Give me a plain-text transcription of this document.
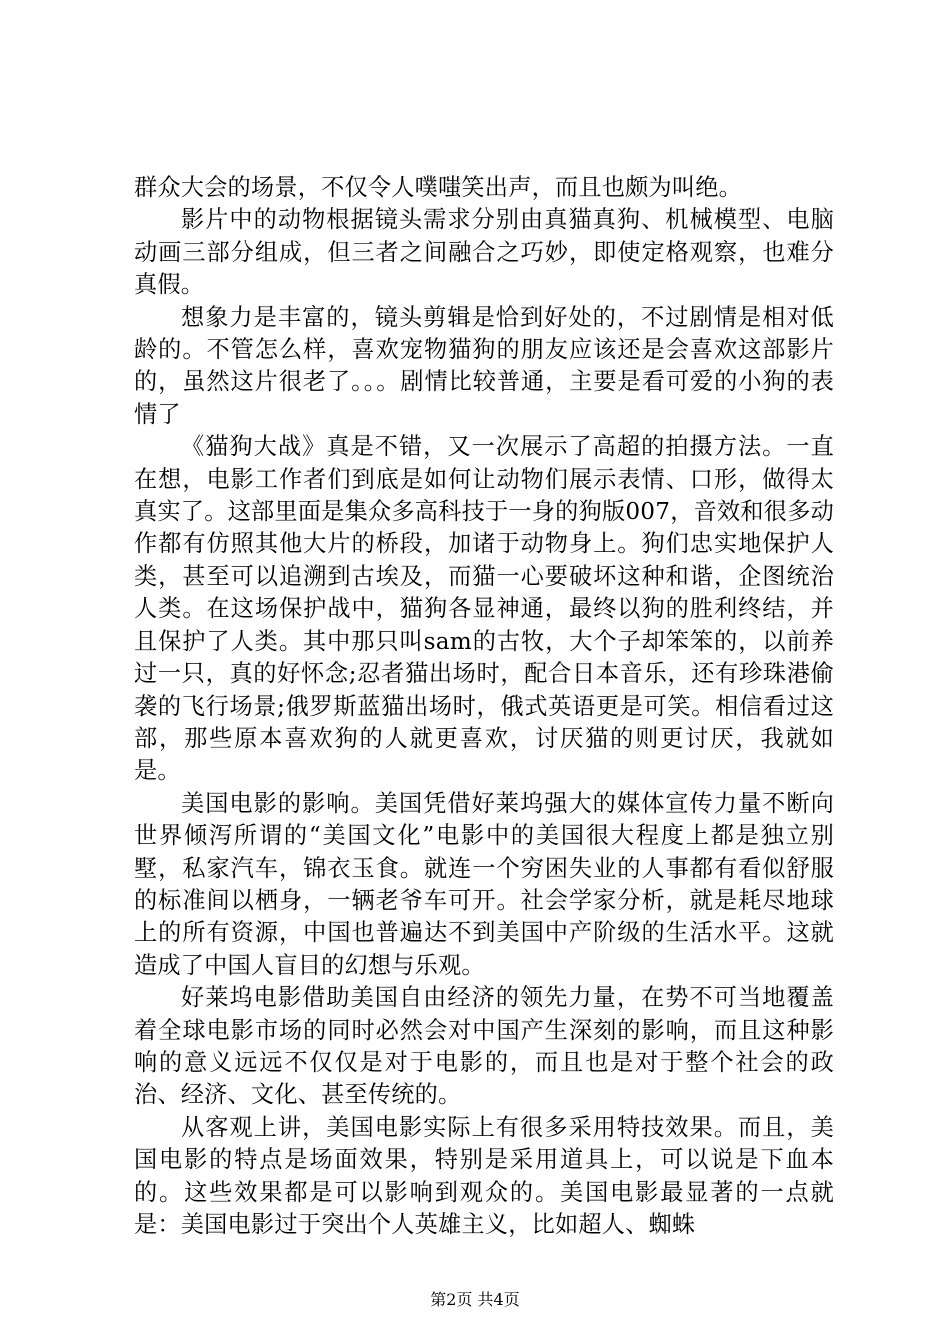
群众大会的场景，不仅令人噗嗤笑出声，而且也颇为叫绝。

影片中的动物根据镜头需求分别由真猫真狗、机械模型、电脑动画三部分组成，但三者之间融合之巧妙，即使定格观察，也难分真假。

想象力是丰富的，镜头剪辑是恰到好处的，不过剧情是相对低龄的。不管怎么样，喜欢宠物猫狗的朋友应该还是会喜欢这部影片的，虽然这片很老了。。。剧情比较普通，主要是看可爱的小狗的表情了

《猫狗大战》真是不错，又一次展示了高超的拍摄方法。一直在想，电影工作者们到底是如何让动物们展示表情、口形，做得太真实了。这部里面是集众多高科技于一身的狗版007，音效和很多动作都有仿照其他大片的桥段，加诸于动物身上。狗们忠实地保护人类，甚至可以追溯到古埃及，而猫一心要破坏这种和谐，企图统治人类。在这场保护战中，猫狗各显神通，最终以狗的胜利终结，并且保护了人类。其中那只叫sam的古牧，大个子却笨笨的，以前养过一只，真的好怀念;忍者猫出场时，配合日本音乐，还有珍珠港偷袭的飞行场景;俄罗斯蓝猫出场时，俄式英语更是可笑。相信看过这部，那些原本喜欢狗的人就更喜欢，讨厌猫的则更讨厌，我就如是。

美国电影的影响。美国凭借好莱坞强大的媒体宣传力量不断向世界倾泻所谓的“美国文化”电影中的美国很大程度上都是独立别墅，私家汽车，锦衣玉食。就连一个穷困失业的人事都有看似舒服的标准间以栖身，一辆老爷车可开。社会学家分析，就是耗尽地球上的所有资源，中国也普遍达不到美国中产阶级的生活水平。这就造成了中国人盲目的幻想与乐观。

好莱坞电影借助美国自由经济的领先力量，在势不可当地覆盖着全球电影市场的同时必然会对中国产生深刻的影响，而且这种影响的意义远远不仅仅是对于电影的，而且也是对于整个社会的政治、经济、文化、甚至传统的。

从客观上讲，美国电影实际上有很多采用特技效果。而且，美国电影的特点是场面效果，特别是采用道具上，可以说是下血本的。这些效果都是可以影响到观众的。美国电影最显著的一点就是：美国电影过于突出个人英雄主义，比如超人、蜘蛛

第2页 共4页
